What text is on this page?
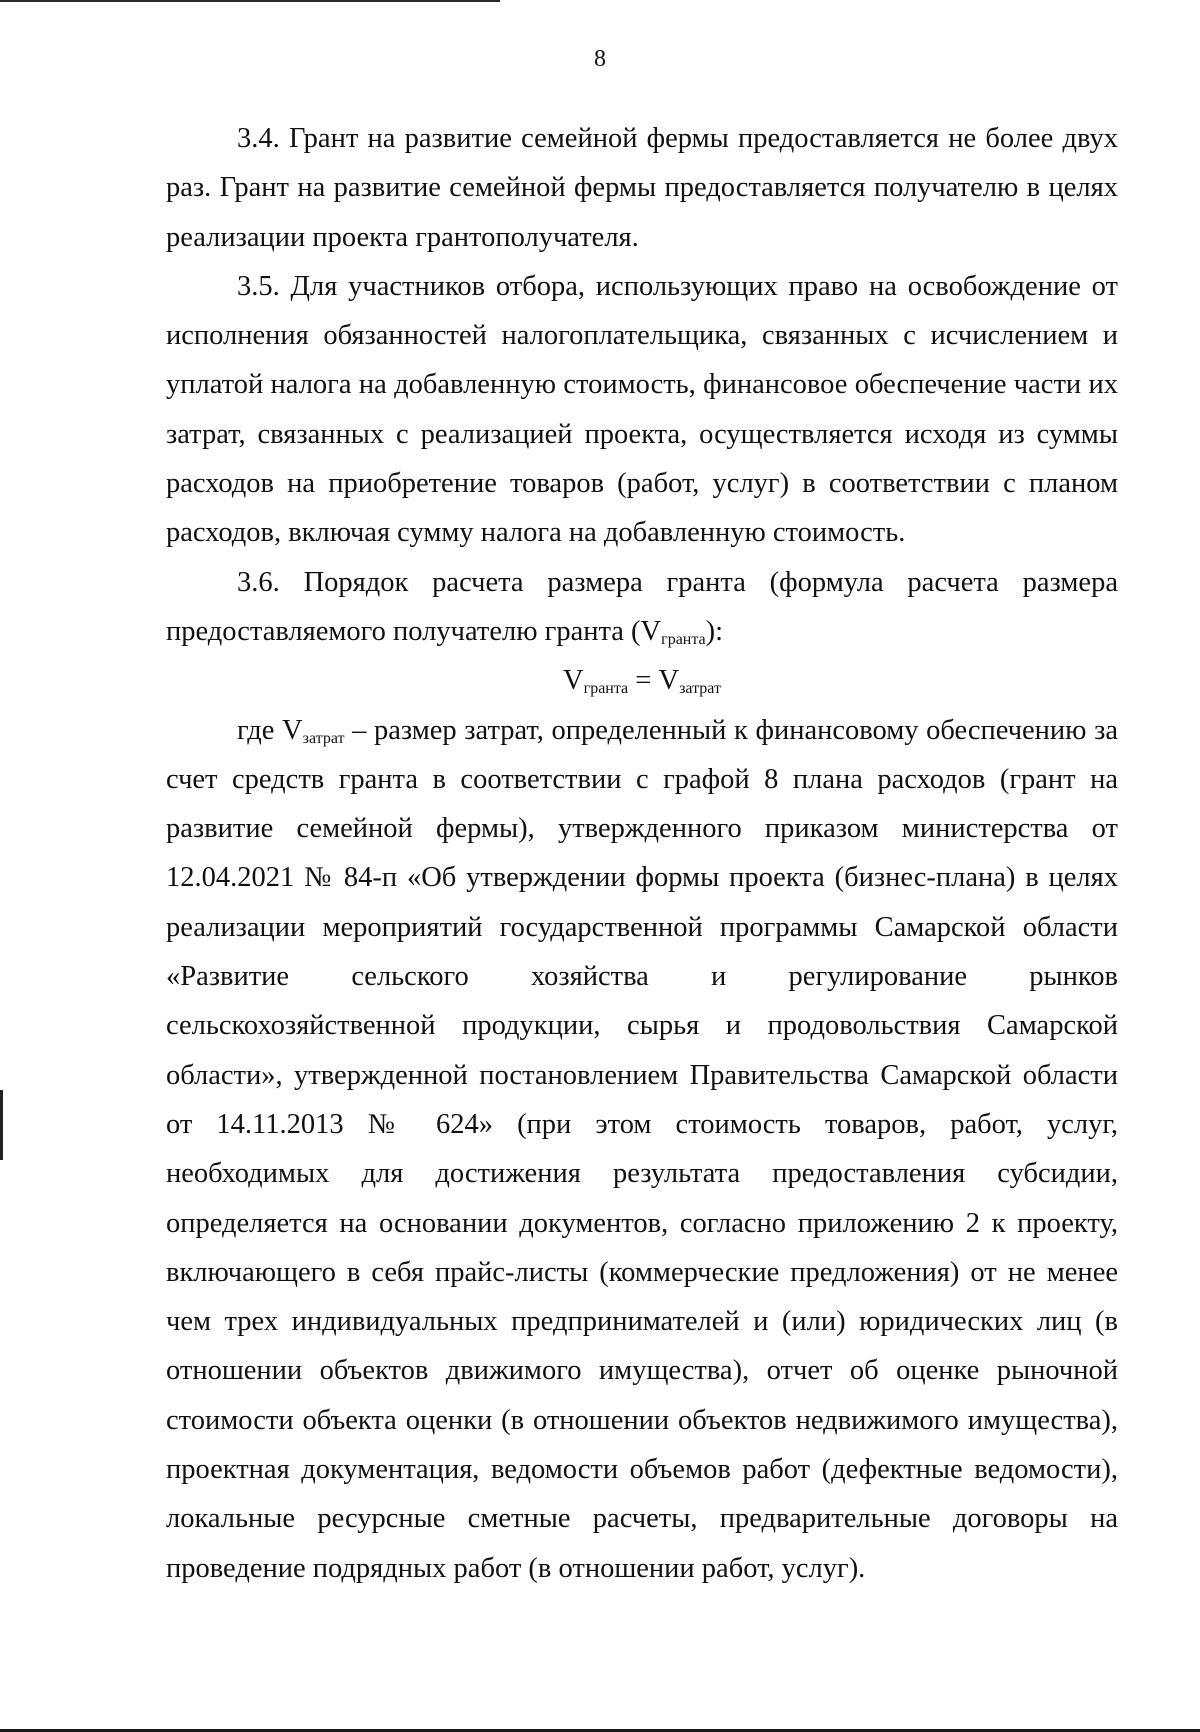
8

3.4. Грант на развитие семейной фермы предоставляется не более двух раз. Грант на развитие семейной фермы предоставляется получателю в целях реализации проекта грантополучателя.

3.5. Для участников отбора, использующих право на освобождение от исполнения обязанностей налогоплательщика, связанных с исчислением и уплатой налога на добавленную стоимость, финансовое обеспечение части их затрат, связанных с реализацией проекта, осуществляется исходя из суммы расходов на приобретение товаров (работ, услуг) в соответствии с планом расходов, включая сумму налога на добавленную стоимость.

3.6. Порядок расчета размера гранта (формула расчета размера предоставляемого получателю гранта $(V_{гранта})$:

$V_{гранта} = V_{затрат}$

где $V_{затрат}$ – размер затрат, определенный к финансовому обеспечению за счет средств гранта в соответствии с графой 8 плана расходов (грант на развитие семейной фермы), утвержденного приказом министерства от 12.04.2021 № 84-п «Об утверждении формы проекта (бизнес-плана) в целях реализации мероприятий государственной программы Самарской области «Развитие сельского хозяйства и регулирование рынков сельскохозяйственной продукции, сырья и продовольствия Самарской области», утвержденной постановлением Правительства Самарской области от 14.11.2013 № 624» (при этом стоимость товаров, работ, услуг, необходимых для достижения результата предоставления субсидии, определяется на основании документов, согласно приложению 2 к проекту, включающего в себя прайс-листы (коммерческие предложения) от не менее чем трех индивидуальных предпринимателей и (или) юридических лиц (в отношении объектов движимого имущества), отчет об оценке рыночной стоимости объекта оценки (в отношении объектов недвижимого имущества), проектная документация, ведомости объемов работ (дефектные ведомости), локальные ресурсные сметные расчеты, предварительные договоры на проведение подрядных работ (в отношении работ, услуг).
